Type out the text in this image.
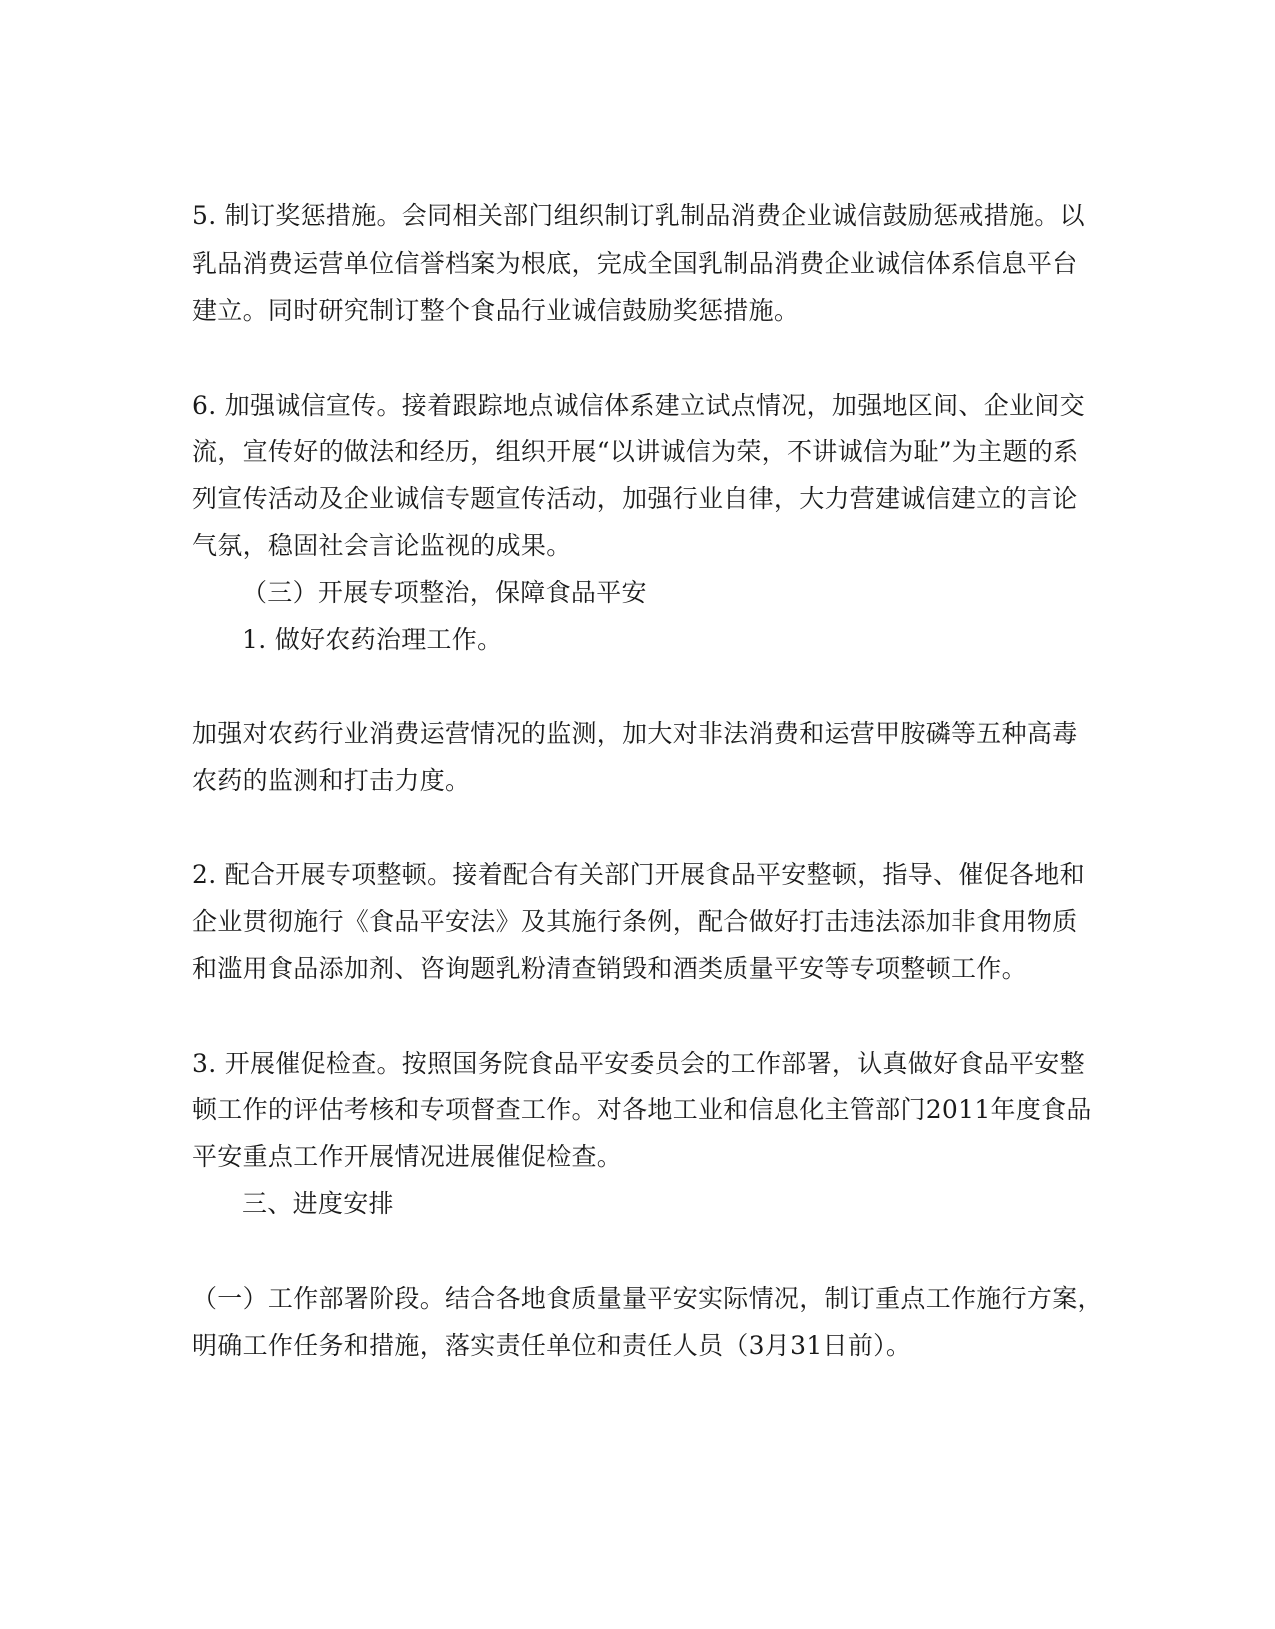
5. 制订奖惩措施。会同相关部门组织制订乳制品消费企业诚信鼓励惩戒措施。以
乳品消费运营单位信誉档案为根底，完成全国乳制品消费企业诚信体系信息平台
建立。同时研究制订整个食品行业诚信鼓励奖惩措施。
6. 加强诚信宣传。接着跟踪地点诚信体系建立试点情况，加强地区间、企业间交
流，宣传好的做法和经历，组织开展“以讲诚信为荣，不讲诚信为耻”为主题的系
列宣传活动及企业诚信专题宣传活动，加强行业自律，大力营建诚信建立的言论
气氛，稳固社会言论监视的成果。
（三）开展专项整治，保障食品平安
1. 做好农药治理工作。
加强对农药行业消费运营情况的监测，加大对非法消费和运营甲胺磷等五种高毒
农药的监测和打击力度。
2. 配合开展专项整顿。接着配合有关部门开展食品平安整顿，指导、催促各地和
企业贯彻施行《食品平安法》及其施行条例，配合做好打击违法添加非食用物质
和滥用食品添加剂、咨询题乳粉清查销毁和酒类质量平安等专项整顿工作。
3. 开展催促检查。按照国务院食品平安委员会的工作部署，认真做好食品平安整
顿工作的评估考核和专项督查工作。对各地工业和信息化主管部门2011年度食品
平安重点工作开展情况进展催促检查。
三、进度安排
（一）工作部署阶段。结合各地食质量量平安实际情况，制订重点工作施行方案，
明确工作任务和措施，落实责任单位和责任人员（3月31日前）。
